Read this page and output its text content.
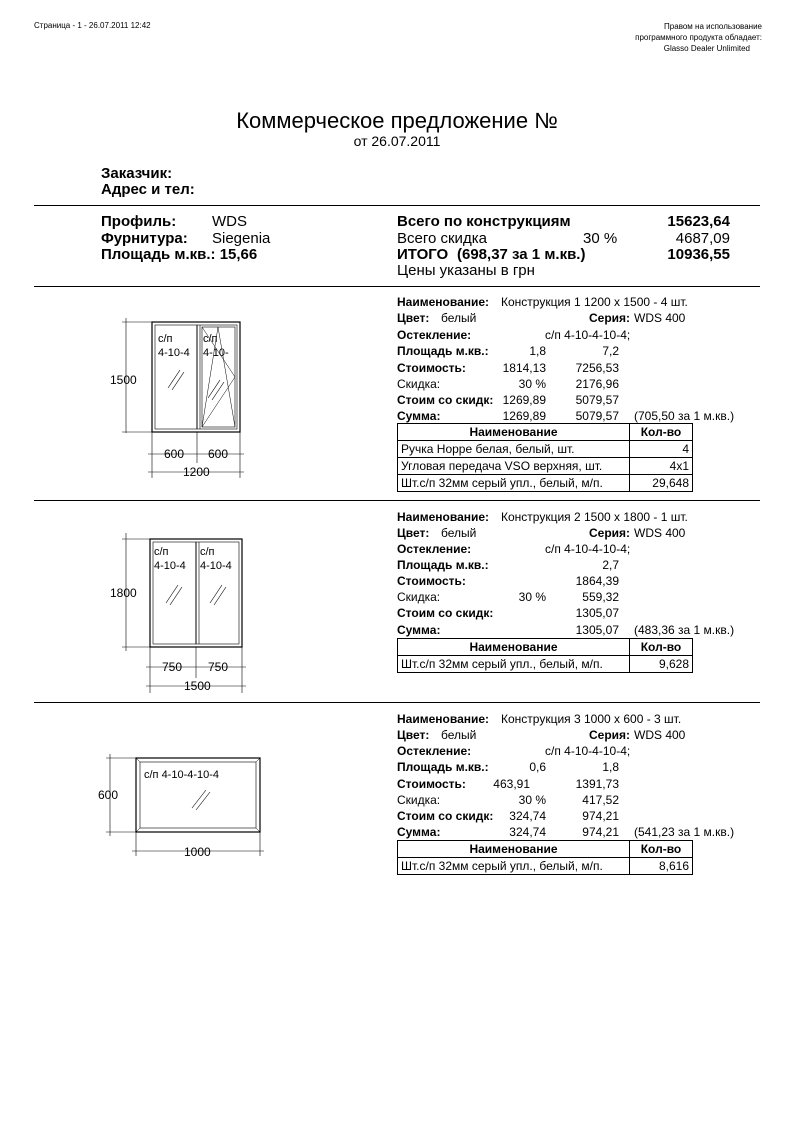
Страница - 1 - 26.07.2011 12:42	Правом на использование
программного продукта обладает:
Glasso Dealer Unlimited
Коммерческое предложение №
от 26.07.2011
Заказчик:
Адрес и тел:
Профиль: WDS
Фурнитура: Siegenia
Площадь м.кв.: 15,66
Всего по конструкциям	15623,64
Всего скидка	30 %	4687,09
ИТОГО (698,37 за 1 м.кв.)	10936,55
Цены указаны в грн
1500
с/п
4-10-4
с/п
4-10-
600 600
1200
Наименование: Конструкция 1 1200 x 1500 - 4 шт.
Цвет: белый	Серия: WDS 400
Остекление:	с/п 4-10-4-10-4;
Площадь м.кв.:	1,8	7,2
Стоимость:	1814,13 7256,53
Скидка:	30 % 2176,96
Стоим со скидк: 1269,89 5079,57
Сумма:	1269,89 5079,57 (705,50 за 1 м.кв.)
Наименование	Кол-во
Ручка Hoppe белая, белый, шт.	4
Угловая передача VSO верхняя, шт.	4x1
Шт.с/п 32мм серый упл., белый, м/п.	29,648
1800
с/п
4-10-4
с/п
4-10-4
750 750
1500
Наименование: Конструкция 2 1500 x 1800 - 1 шт.
Цвет: белый	Серия: WDS 400
Остекление:	с/п 4-10-4-10-4;
Площадь м.кв.:	2,7
Стоимость:	1864,39
Скидка:	30 %	559,32
Стоим со скидк:	1305,07
Сумма:	1305,07 (483,36 за 1 м.кв.)
Наименование	Кол-во
Шт.с/п 32мм серый упл., белый, м/п.	9,628
600
с/п 4-10-4-10-4
1000
Наименование: Конструкция 3 1000 x 600 - 3 шт.
Цвет: белый	Серия: WDS 400
Остекление:	с/п 4-10-4-10-4;
Площадь м.кв.:	0,6	1,8
Стоимость: 463,91	1391,73
Скидка:	30 %	417,52
Стоим со скидк: 324,74	974,21
Сумма:	324,74	974,21 (541,23 за 1 м.кв.)
Наименование	Кол-во
Шт.с/п 32мм серый упл., белый, м/п.	8,616
